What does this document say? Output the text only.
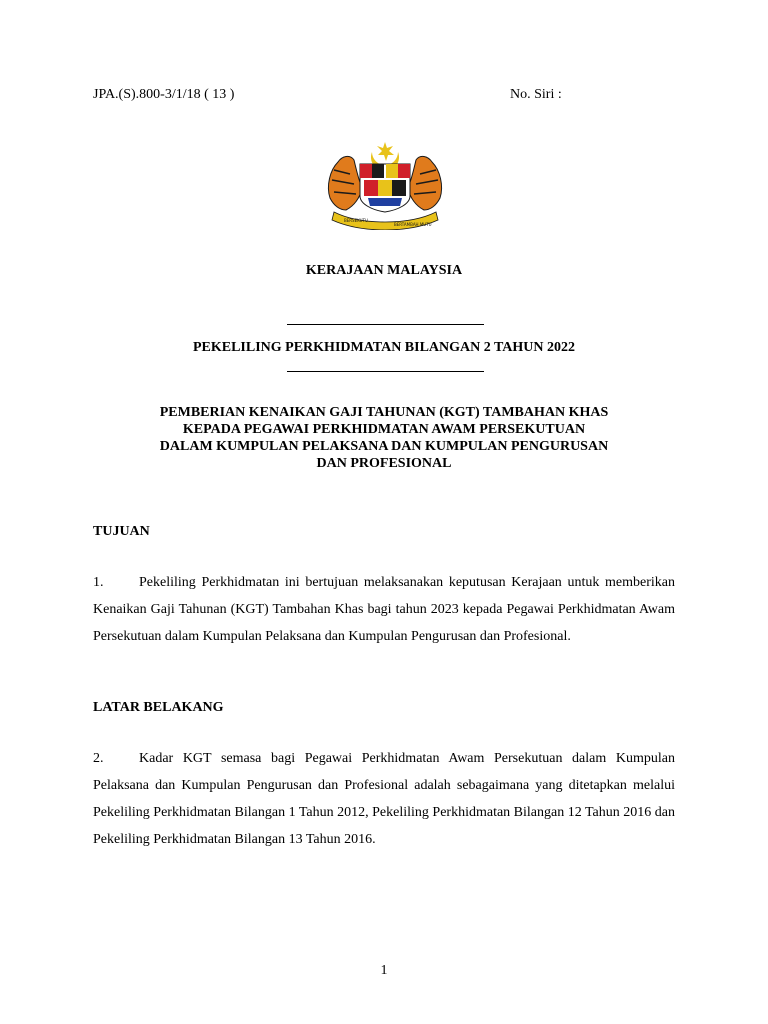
JPA.(S).800-3/1/18 ( 13 )	No. Siri :
BERSEKUTU
BERTAMBAH MUTU
KERAJAAN MALAYSIA
PEKELILING PERKHIDMATAN BILANGAN 2 TAHUN 2022
PEMBERIAN KENAIKAN GAJI TAHUNAN (KGT) TAMBAHAN KHAS
KEPADA PEGAWAI PERKHIDMATAN AWAM PERSEKUTUAN
DALAM KUMPULAN PELAKSANA DAN KUMPULAN PENGURUSAN
DAN PROFESIONAL
TUJUAN
1.	Pekeliling Perkhidmatan ini bertujuan melaksanakan keputusan Kerajaan untuk memberikan Kenaikan Gaji Tahunan (KGT) Tambahan Khas bagi tahun 2023 kepada Pegawai Perkhidmatan Awam Persekutuan dalam Kumpulan Pelaksana dan Kumpulan Pengurusan dan Profesional.
LATAR BELAKANG
2.	Kadar KGT semasa bagi Pegawai Perkhidmatan Awam Persekutuan dalam Kumpulan Pelaksana dan Kumpulan Pengurusan dan Profesional adalah sebagaimana yang ditetapkan melalui Pekeliling Perkhidmatan Bilangan 1 Tahun 2012, Pekeliling Perkhidmatan Bilangan 12 Tahun 2016 dan Pekeliling Perkhidmatan Bilangan 13 Tahun 2016.
1
